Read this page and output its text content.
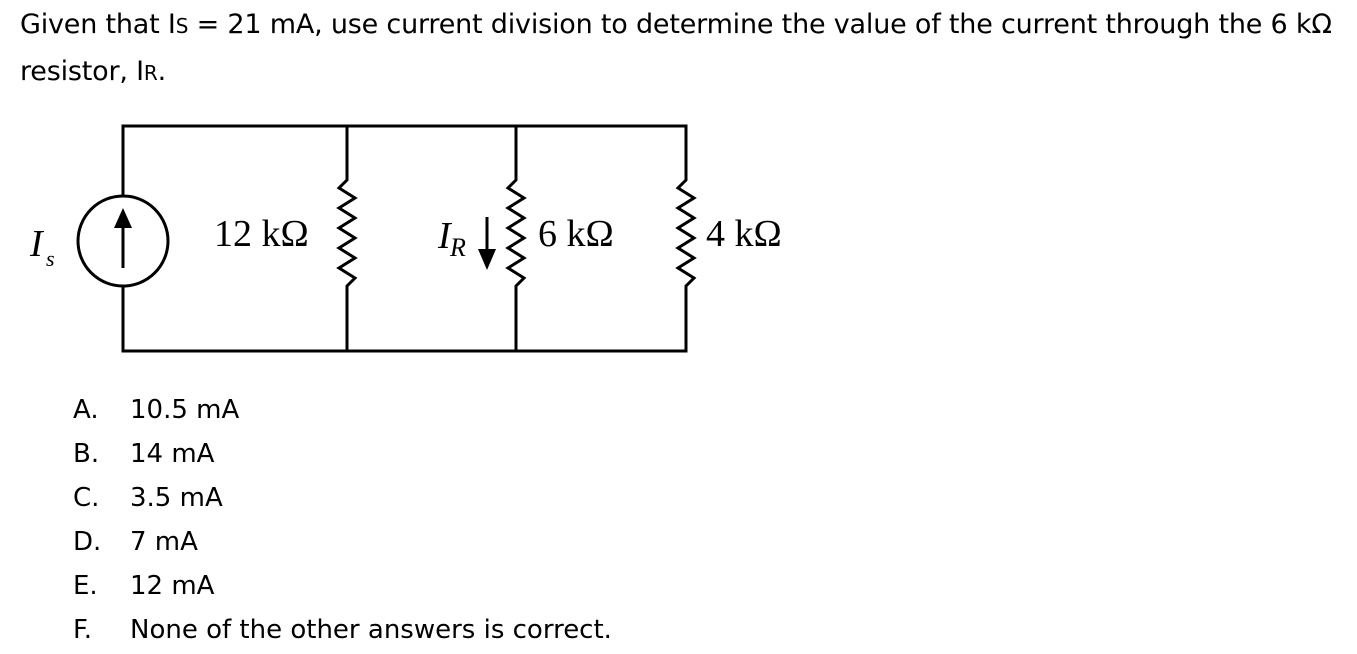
Given that IS = 21 mA, use current division to determine the value of the current through the 6 kΩ resistor, IR.
I s
12 kΩ	I R 6 kΩ 4 kΩ
A. 10.5 mA
B. 14 mA
C. 3.5 mA
D. 7 mA
E. 12 mA
F. None of the other answers is correct.
